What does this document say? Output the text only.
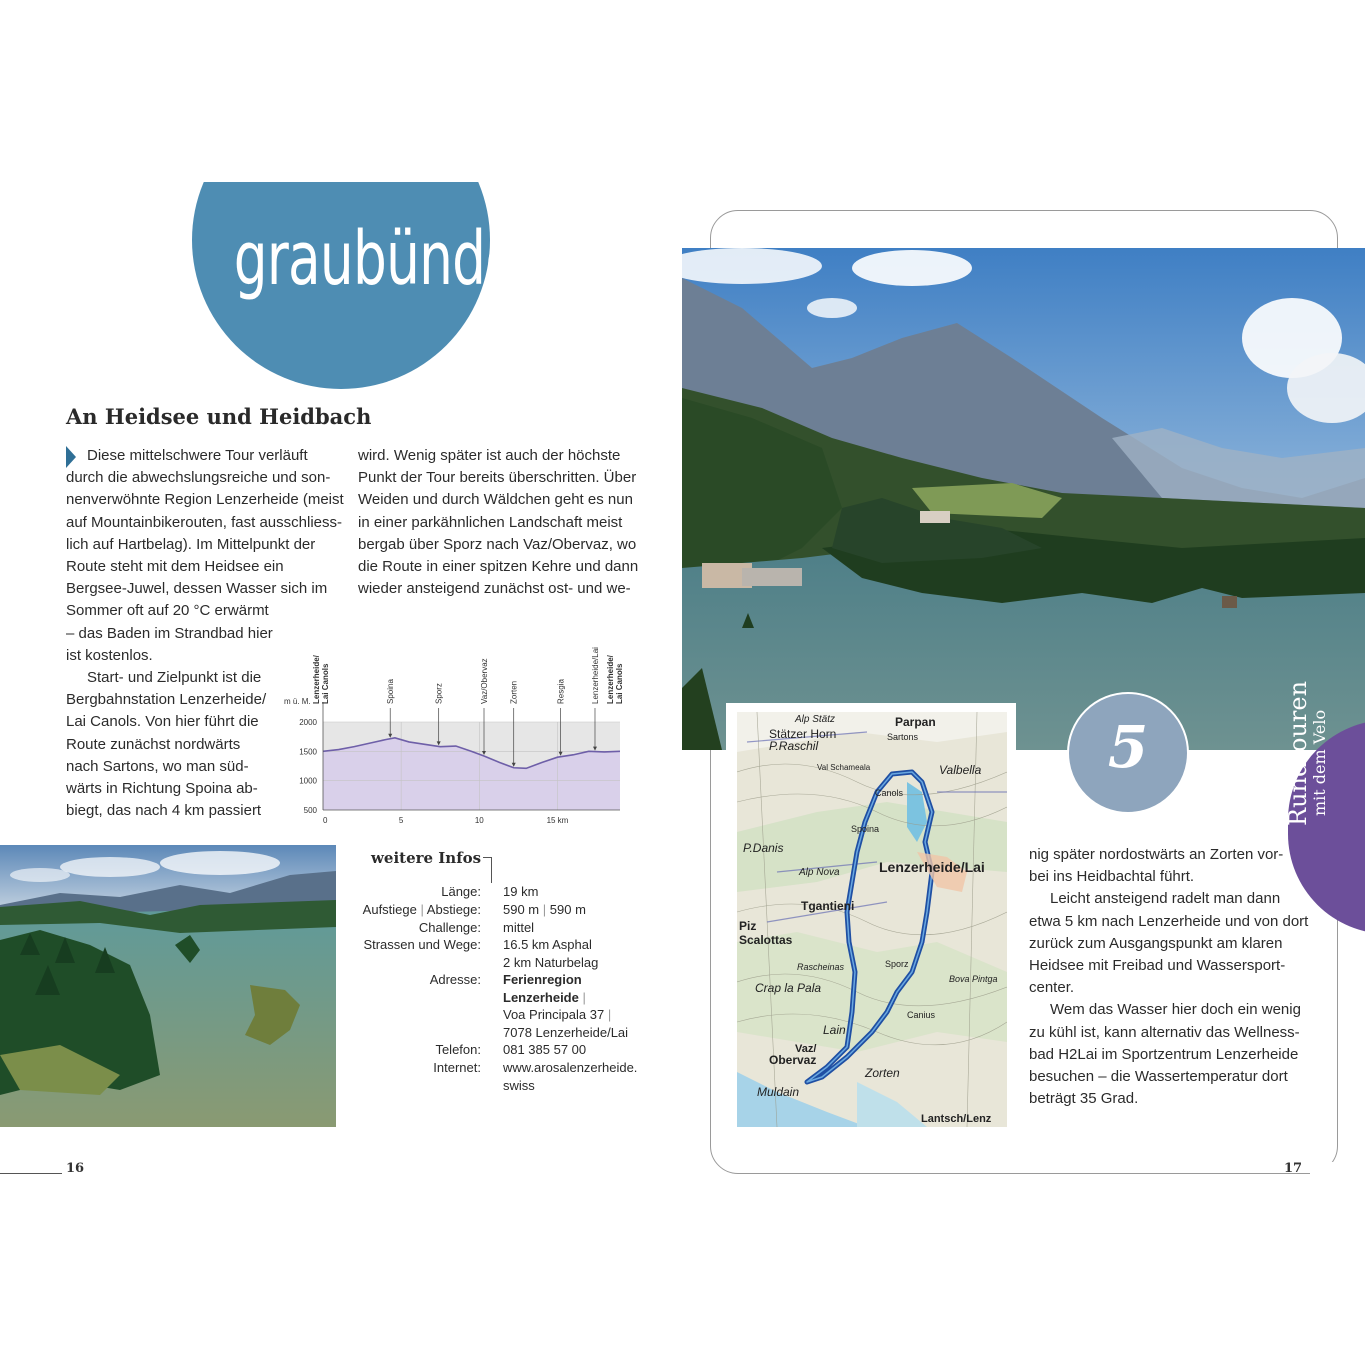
graubünden
An Heidsee und Heidbach

Diese mittelschwere Tour verläuft

durch die abwechslungsreiche und son-

nenverwöhnte Region Lenzerheide (meist

auf Mountainbikerouten, fast ausschliess-

lich auf Hartbelag). Im Mittelpunkt der

Route steht mit dem Heidsee ein

Bergsee-Juwel, dessen Wasser sich im

Sommer oft auf 20 °C erwärmt

– das Baden im Strandbad hier

ist kostenlos.

Start- und Zielpunkt ist die

Bergbahnstation Lenzerheide/

Lai Canols. Von hier führt die

Route zunächst nordwärts

nach Sartons, wo man süd-

wärts in Richtung Spoina ab-

biegt, das nach 4 km passiert

wird. Wenig später ist auch der höchste

Punkt der Tour bereits überschritten. Über

Weiden und durch Wäldchen geht es nun

in einer parkähnlichen Landschaft meist

bergab über Sporz nach Vaz/Obervaz, wo

die Route in einer spitzen Kehre und dann

wieder ansteigend zunächst ost- und we-

m ü. M.
2000
1500
1000
500
0	5	10	15 km
Lenzerheide/Lai Canols	Spoina	Sporz	Vaz/Obervaz	Zorten	Resgia	Lenzerheide/Lai Lenzerheide/Lai Canols
weitere Infos
Länge: 19 km
Aufstiege | Abstiege: 590 m | 590 m
Challenge: mittel
Strassen und Wege: 16.5 km Asphal
2 km Naturbelag
Adresse: Ferienregion
Lenzerheide |
Voa Principala 37 |
7078 Lenzerheide/Lai
Telefon: 081 385 57 00
Internet: www.arosalenzerheide.
swiss
16	17
Alp Stätz	Parpan
Stätzer Horn
P.Raschil
Sartons
Valbella
Canols
Lenzerheide/Lai
Tgantieni
Piz
Scalottas
Crap la Pala
Vaz/
Obervaz
Muldain
Zorten
Lantsch/Lenz
Sporz
Spoina
P.Danis
Alp Nova
Val Schameala
Lain
Bova Pintga
Rascheinas
Canius
5	Rundtouren
mit dem Velo

nig später nordostwärts an Zorten vor-

bei ins Heidbachtal führt.

Leicht ansteigend radelt man dann

etwa 5 km nach Lenzerheide und von dort

zurück zum Ausgangspunkt am klaren

Heidsee mit Freibad und Wassersport-

center.

Wem das Wasser hier doch ein wenig

zu kühl ist, kann alternativ das Wellness-

bad H2Lai im Sportzentrum Lenzerheide

besuchen – die Wassertemperatur dort

beträgt 35 Grad.
